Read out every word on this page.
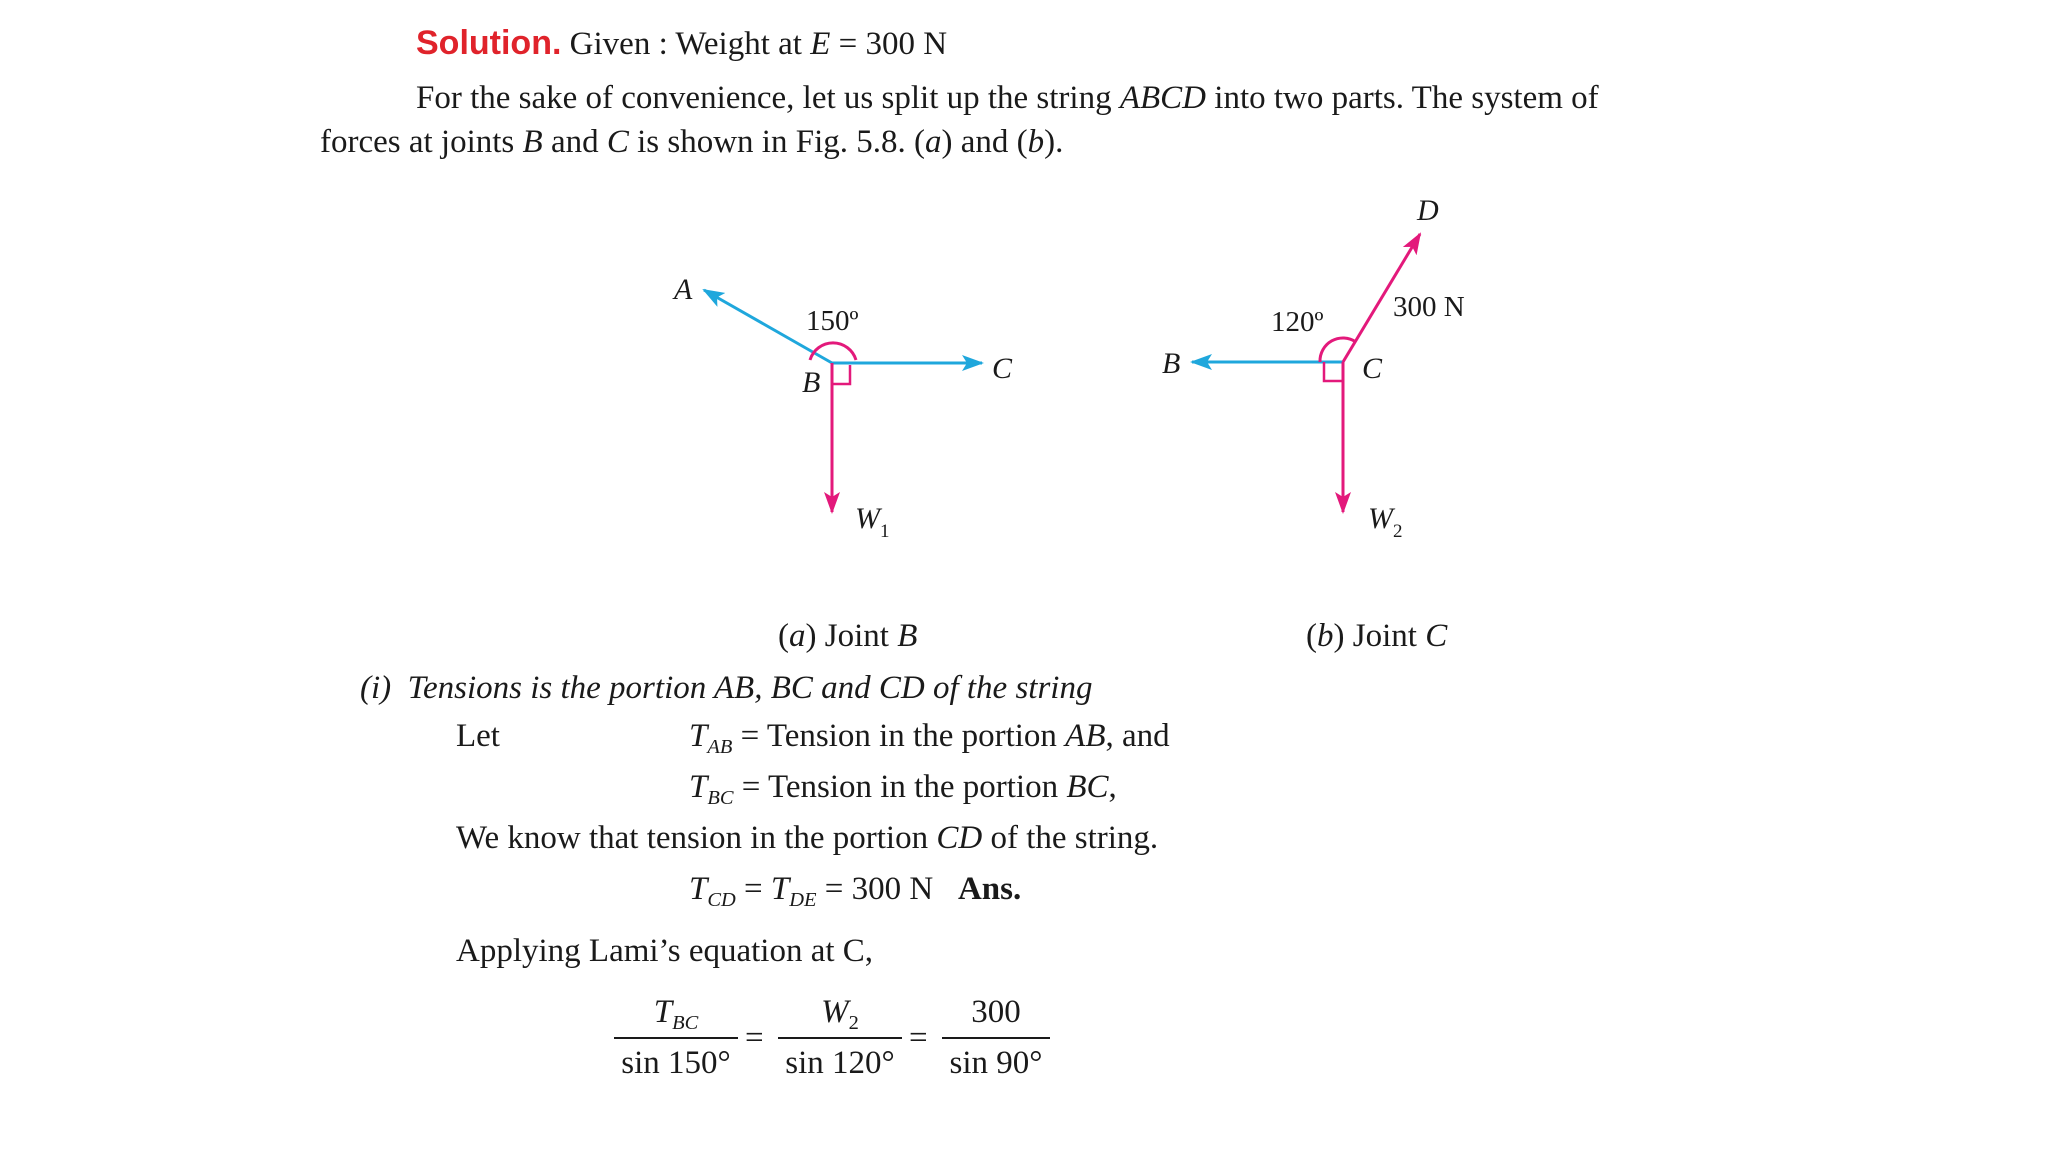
Solution. Given : Weight at E = 300 N
For the sake of convenience, let us split up the string ABCD into two parts. The system of
forces at joints B and C is shown in Fig. 5.8. (a) and (b).
A
B	C
150º
$W_1$
D
B	C
120º 300 N
$W_2$
(a) Joint B	(b) Joint C
(i) Tensions is the portion AB, BC and CD of the string
Let	$T_{AB}$ = Tension in the portion AB, and
$T_{BC}$ = Tension in the portion BC,
We know that tension in the portion CD of the string.
$T_{CD} = T_{DE} = 300$ N Ans.
Applying Lami’s equation at C,
$T_{BC}$
sin 150°
=
$W_2$
sin 120°
=
300
sin 90°
